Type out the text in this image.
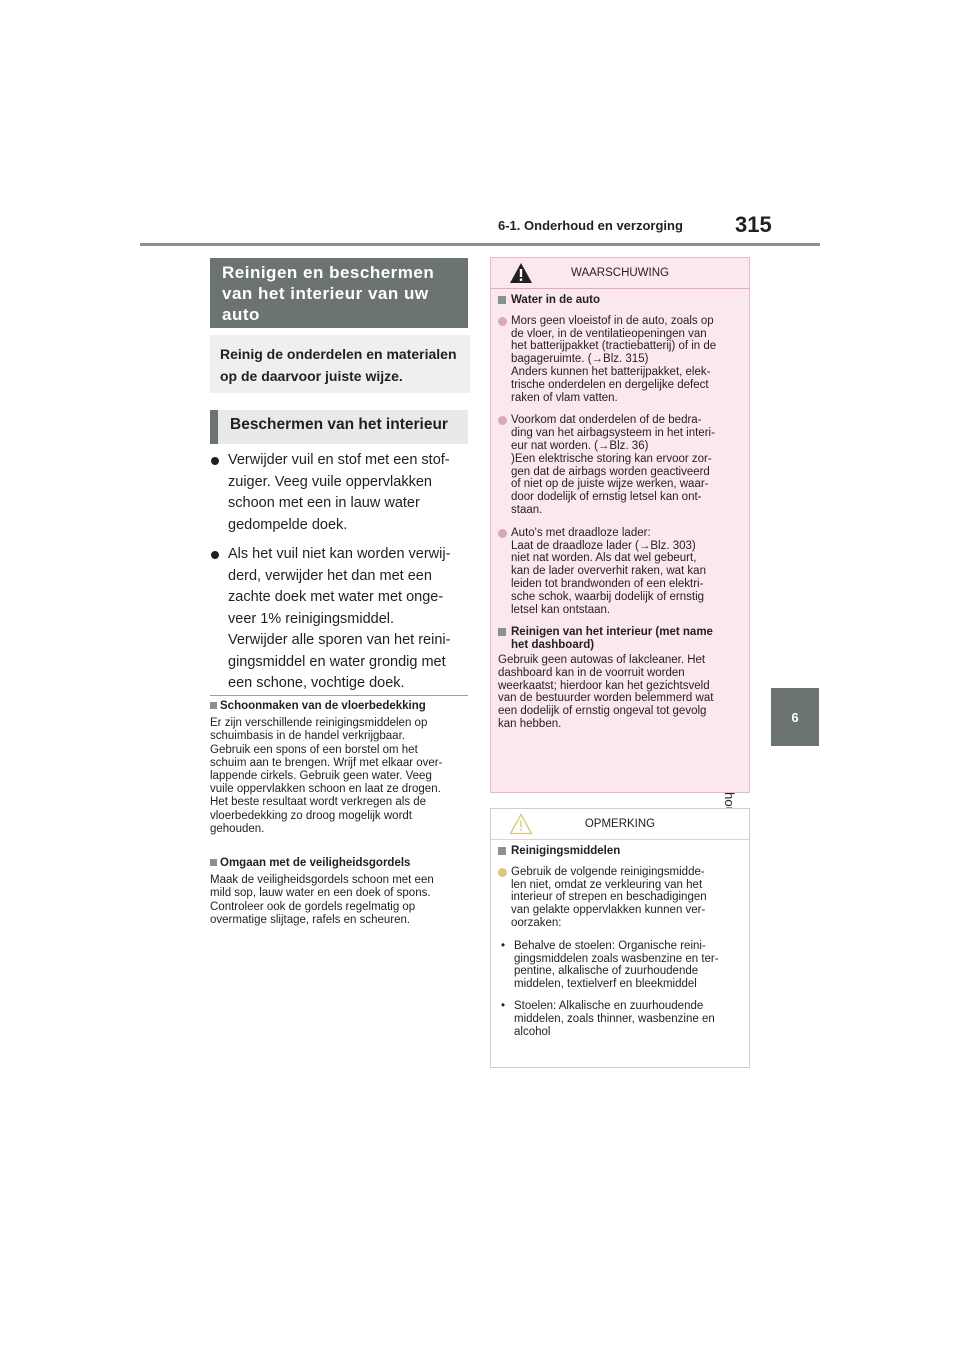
6-1. Onderhoud en verzorging 315
6
Reinigen en beschermen
van het interieur van uw
auto
Reinig de onderdelen en materialen
op de daarvoor juiste wijze.
Beschermen van het interieur
Verwijder vuil en stof met een stof-
zuiger. Veeg vuile oppervlakken
schoon met een in lauw water
gedompelde doek.
Als het vuil niet kan worden verwij-
derd, verwijder het dan met een
zachte doek met water met onge-
veer 1% reinigingsmiddel.
Verwijder alle sporen van het reini-
gingsmiddel en water grondig met
een schone, vochtige doek.
Schoonmaken van de vloerbedekking
Er zijn verschillende reinigingsmiddelen op
schuimbasis in de handel verkrijgbaar.
Gebruik een spons of een borstel om het
schuim aan te brengen. Wrijf met elkaar over-
lappende cirkels. Gebruik geen water. Veeg
vuile oppervlakken schoon en laat ze drogen.
Het beste resultaat wordt verkregen als de
vloerbedekking zo droog mogelijk wordt
gehouden.
Omgaan met de veiligheidsgordels
Maak de veiligheidsgordels schoon met een
mild sop, lauw water en een doek of spons.
Controleer ook de gordels regelmatig op
overmatige slijtage, rafels en scheuren.
WAARSCHUWING
Water in de auto
Mors geen vloeistof in de auto, zoals op
de vloer, in de ventilatieopeningen van
het batterijpakket (tractiebatterij) of in de
bagageruimte. (→Blz. 315)
Anders kunnen het batterijpakket, elek-
trische onderdelen en dergelijke defect
raken of vlam vatten.
Voorkom dat onderdelen of de bedra-
ding van het airbagsysteem in het interi-
eur nat worden. (→Blz. 36)
)Een elektrische storing kan ervoor zor-
gen dat de airbags worden geactiveerd
of niet op de juiste wijze werken, waar-
door dodelijk of ernstig letsel kan ont-
staan.
Auto's met draadloze lader:
Laat de draadloze lader (→Blz. 303)
niet nat worden. Als dat wel gebeurt,
kan de lader oververhit raken, wat kan
leiden tot brandwonden of een elektri-
sche schok, waarbij dodelijk of ernstig
letsel kan ontstaan.
Reinigen van het interieur (met name
het dashboard)
Gebruik geen autowas of lakcleaner. Het
dashboard kan in de voorruit worden
weerkaatst; hierdoor kan het gezichtsveld
van de bestuurder worden belemmerd wat
een dodelijk of ernstig ongeval tot gevolg
kan hebben.
OPMERKING
Reinigingsmiddelen
Gebruik de volgende reinigingsmidde-
len niet, omdat ze verkleuring van het
interieur of strepen en beschadigingen
van gelakte oppervlakken kunnen ver-
oorzaken:
• Behalve de stoelen: Organische reini-
gingsmiddelen zoals wasbenzine en ter-
pentine, alkalische of zuurhoudende
middelen, textielverf en bleekmiddel
• Stoelen: Alkalische en zuurhoudende
middelen, zoals thinner, wasbenzine en
alcohol
